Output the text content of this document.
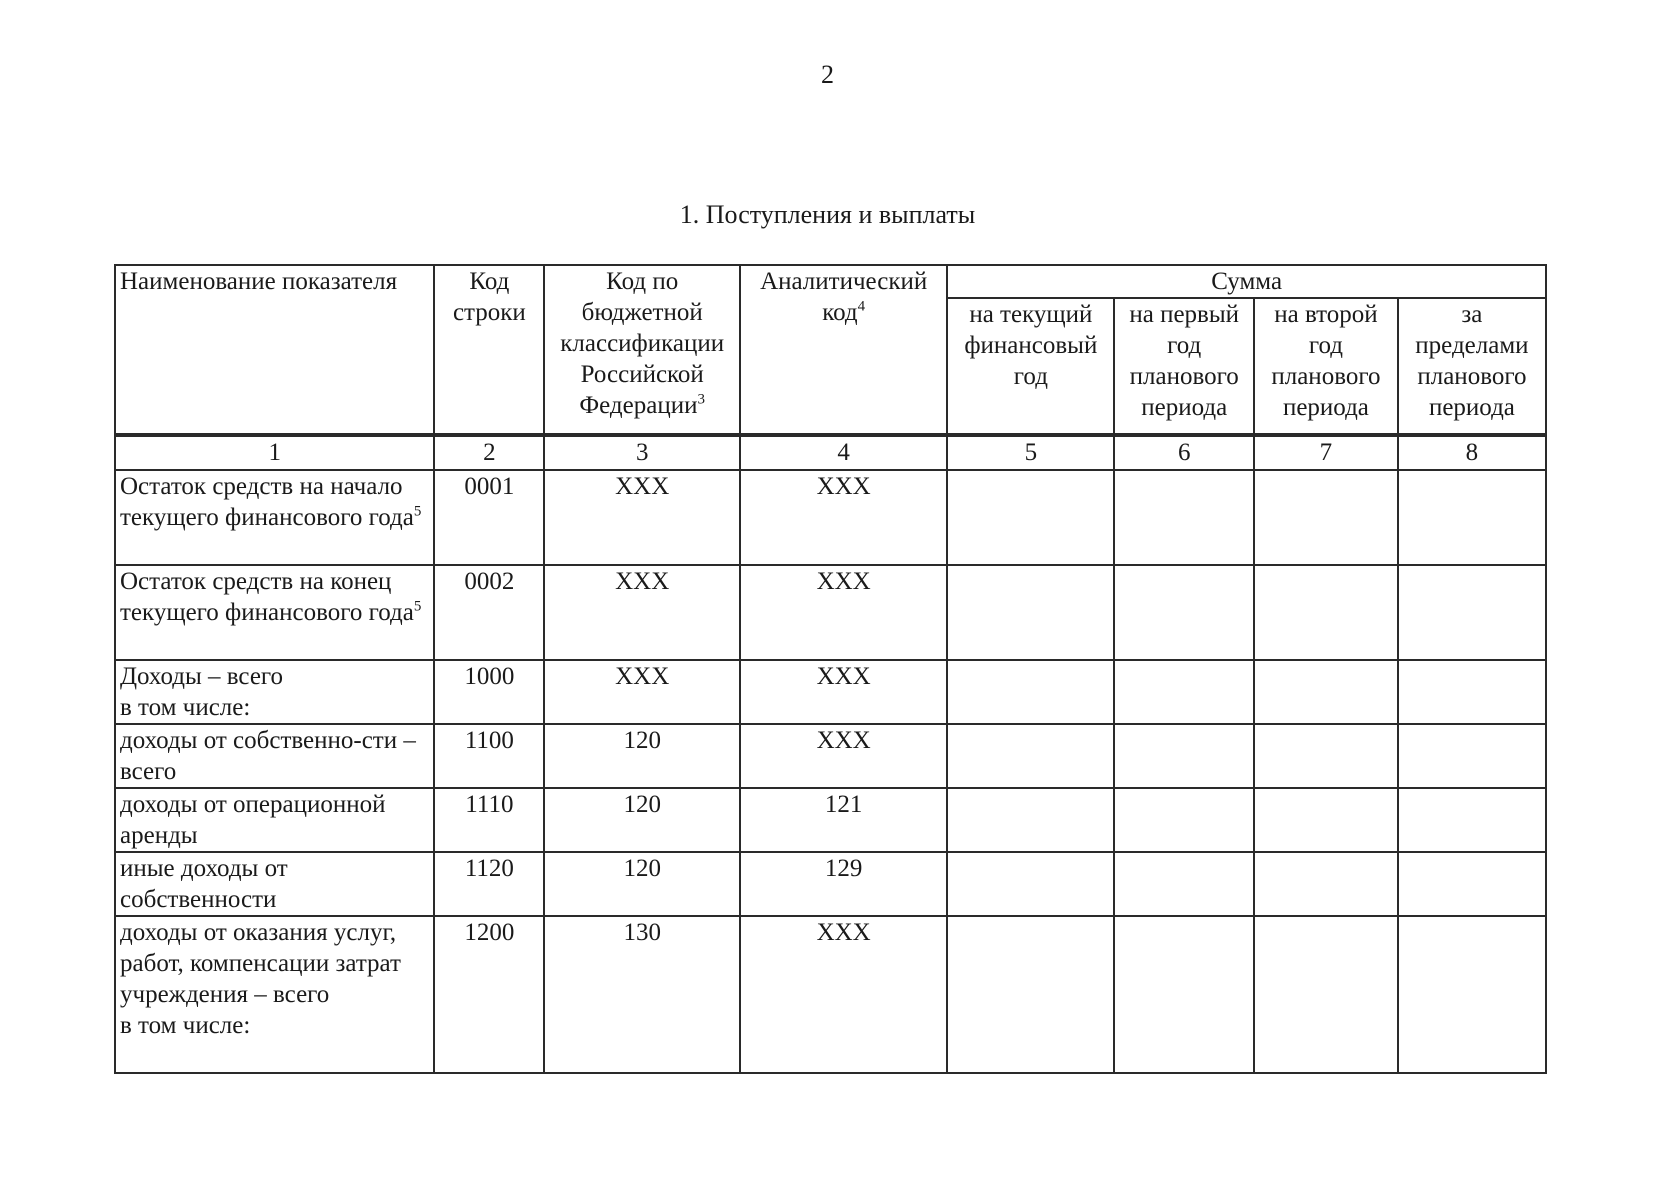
2
1. Поступления и выплаты
Наименование показателя	Код строки	Код по бюджетной классификации Российской Федерации$^3$	Аналитический код$^4$	Сумма			
				на текущий финансовый год	на первый год планового периода	на второй год планового периода	за пределами планового периода
1	2	3	4	5	6	7	8
Остаток средств на начало текущего финансового года$^5$	0001	ХХХ	ХХХ				
Остаток средств на конец текущего финансового года$^5$	0002	ХХХ	ХХХ				

Доходы – всего
в том числе:	1000	ХХХ	ХХХ				
доходы от собственно-сти – всего	1100	120	ХХХ				
доходы от операционной аренды	1110	120	121				
иные доходы от собственности	1120	120	129				

доходы от оказания услуг, работ, компенсации затрат учреждения – всего
в том числе:	1200	130	ХХХ				
